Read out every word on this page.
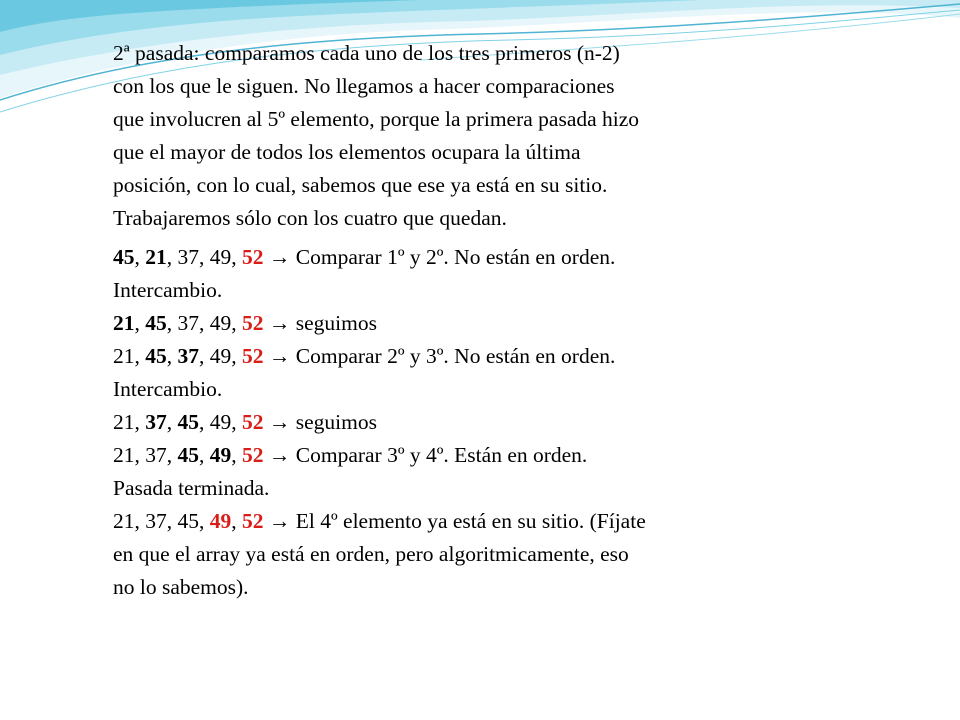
2ª pasada: comparamos cada uno de los tres primeros (n-2)
con los que le siguen. No llegamos a hacer comparaciones
que involucren al 5º elemento, porque la primera pasada hizo
que el mayor de todos los elementos ocupara la última
posición, con lo cual, sabemos que ese ya está en su sitio.
Trabajaremos sólo con los cuatro que quedan.
45, 21, 37, 49, 52 → Comparar 1º y 2º. No están en orden.
Intercambio.
21, 45, 37, 49, 52 → seguimos
21, 45, 37, 49, 52 → Comparar 2º y 3º. No están en orden.
Intercambio.
21, 37, 45, 49, 52 → seguimos
21, 37, 45, 49, 52 → Comparar 3º y 4º. Están en orden.
Pasada terminada.
21, 37, 45, 49, 52 → El 4º elemento ya está en su sitio. (Fíjate
en que el array ya está en orden, pero algoritmicamente, eso
no lo sabemos).
